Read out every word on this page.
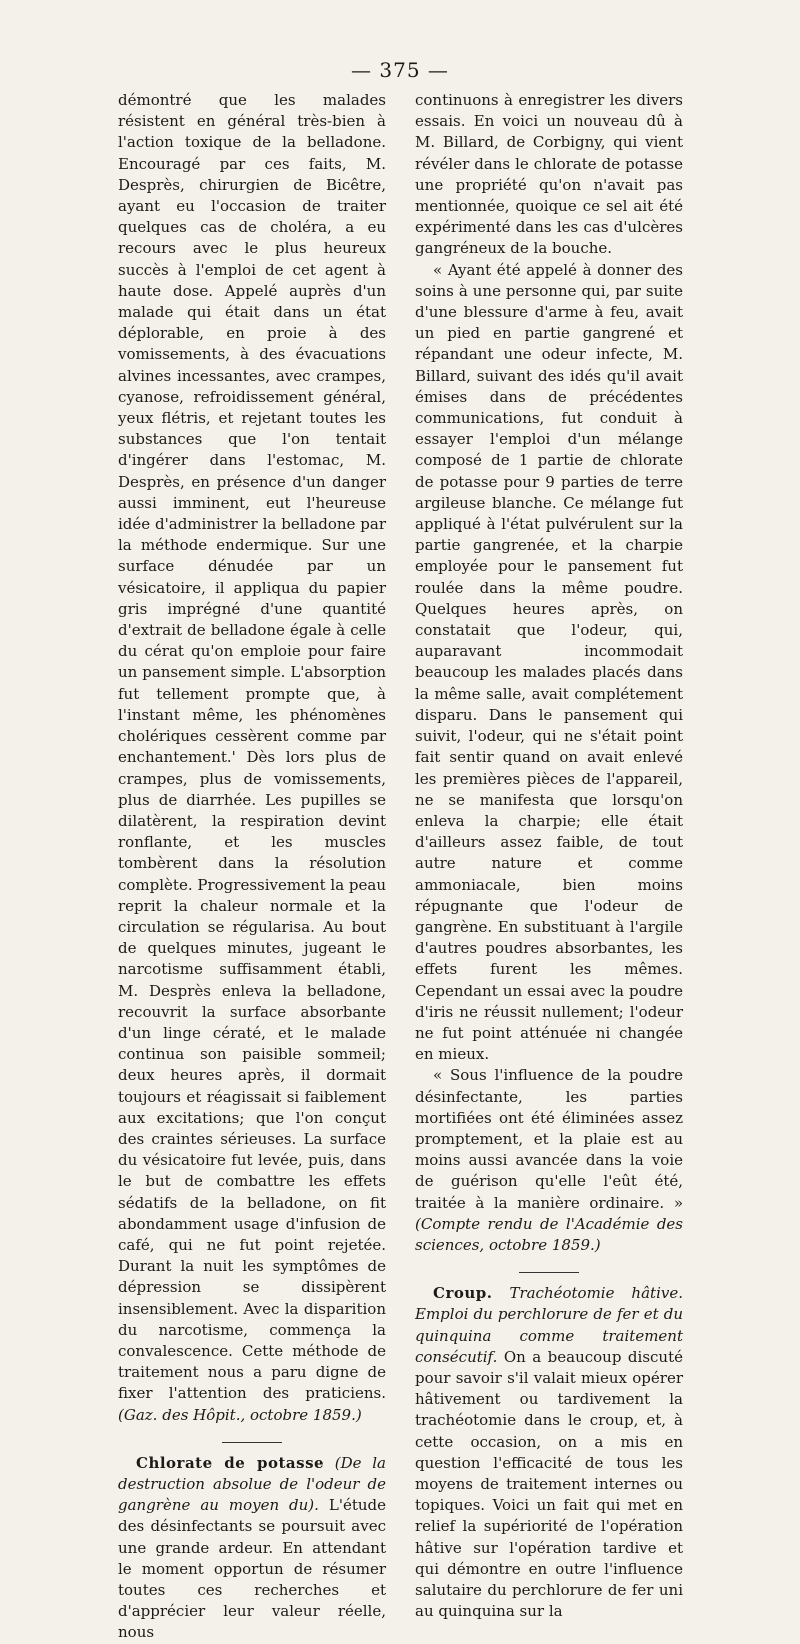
— 375 —

démontré que les malades résistent en général très-bien à l'action toxique de la belladone. Encouragé par ces faits, M. Desprès, chirurgien de Bicêtre, ayant eu l'occasion de traiter quelques cas de choléra, a eu recours avec le plus heureux succès à l'emploi de cet agent à haute dose. Appelé auprès d'un malade qui était dans un état déplorable, en proie à des vomissements, à des évacuations alvines incessantes, avec crampes, cyanose, refroidissement général, yeux flétris, et rejetant toutes les substances que l'on tentait d'ingérer dans l'estomac, M. Desprès, en présence d'un danger aussi imminent, eut l'heureuse idée d'administrer la belladone par la méthode endermique. Sur une surface dénudée par un vésicatoire, il appliqua du papier gris imprégné d'une quantité d'extrait de belladone égale à celle du cérat qu'on emploie pour faire un pansement simple. L'absorption fut tellement prompte que, à l'instant même, les phénomènes cholériques cessèrent comme par enchantement.' Dès lors plus de crampes, plus de vomissements, plus de diarrhée. Les pupilles se dilatèrent, la respiration devint ronflante, et les muscles tombèrent dans la résolution complète. Progressivement la peau reprit la chaleur normale et la circulation se régularisa. Au bout de quelques minutes, jugeant le narcotisme suffisamment établi, M. Desprès enleva la belladone, recouvrit la surface absorbante d'un linge cératé, et le malade continua son paisible sommeil; deux heures après, il dormait toujours et réagissait si faiblement aux excitations; que l'on conçut des craintes sérieuses. La surface du vésicatoire fut levée, puis, dans le but de combattre les effets sédatifs de la belladone, on fit abondamment usage d'infusion de café, qui ne fut point rejetée. Durant la nuit les symptômes de dépression se dissipèrent insensiblement. Avec la disparition du narcotisme, commença la convalescence. Cette méthode de traitement nous a paru digne de fixer l'attention des praticiens. (Gaz. des Hôpit., octobre 1859.)

Chlorate de potasse (De la destruction absolue de l'odeur de gangrène au moyen du). L'étude des désinfectants se poursuit avec une grande ardeur. En attendant le moment opportun de résumer toutes ces recherches et d'apprécier leur valeur réelle, nous

continuons à enregistrer les divers essais. En voici un nouveau dû à M. Billard, de Corbigny, qui vient révéler dans le chlorate de potasse une propriété qu'on n'avait pas mentionnée, quoique ce sel ait été expérimenté dans les cas d'ulcères gangréneux de la bouche.

« Ayant été appelé à donner des soins à une personne qui, par suite d'une blessure d'arme à feu, avait un pied en partie gangrené et répandant une odeur infecte, M. Billard, suivant des idés qu'il avait émises dans de précédentes communications, fut conduit à essayer l'emploi d'un mélange composé de 1 partie de chlorate de potasse pour 9 parties de terre argileuse blanche. Ce mélange fut appliqué à l'état pulvérulent sur la partie gangrenée, et la charpie employée pour le pansement fut roulée dans la même poudre. Quelques heures après, on constatait que l'odeur, qui, auparavant incommodait beaucoup les malades placés dans la même salle, avait complétement disparu. Dans le pansement qui suivit, l'odeur, qui ne s'était point fait sentir quand on avait enlevé les premières pièces de l'appareil, ne se manifesta que lorsqu'on enleva la charpie; elle était d'ailleurs assez faible, de tout autre nature et comme ammoniacale, bien moins répugnante que l'odeur de gangrène. En substituant à l'argile d'autres poudres absorbantes, les effets furent les mêmes. Cependant un essai avec la poudre d'iris ne réussit nullement; l'odeur ne fut point atténuée ni changée en mieux.

« Sous l'influence de la poudre désinfectante, les parties mortifiées ont été éliminées assez promptement, et la plaie est au moins aussi avancée dans la voie de guérison qu'elle l'eût été, traitée à la manière ordinaire. » (Compte rendu de l'Académie des sciences, octobre 1859.)

Croup. Trachéotomie hâtive. Emploi du perchlorure de fer et du quinquina comme traitement consécutif. On a beaucoup discuté pour savoir s'il valait mieux opérer hâtivement ou tardivement la trachéotomie dans le croup, et, à cette occasion, on a mis en question l'efficacité de tous les moyens de traitement internes ou topiques. Voici un fait qui met en relief la supériorité de l'opération hâtive sur l'opération tardive et qui démontre en outre l'influence salutaire du perchlorure de fer uni au quinquina sur la
